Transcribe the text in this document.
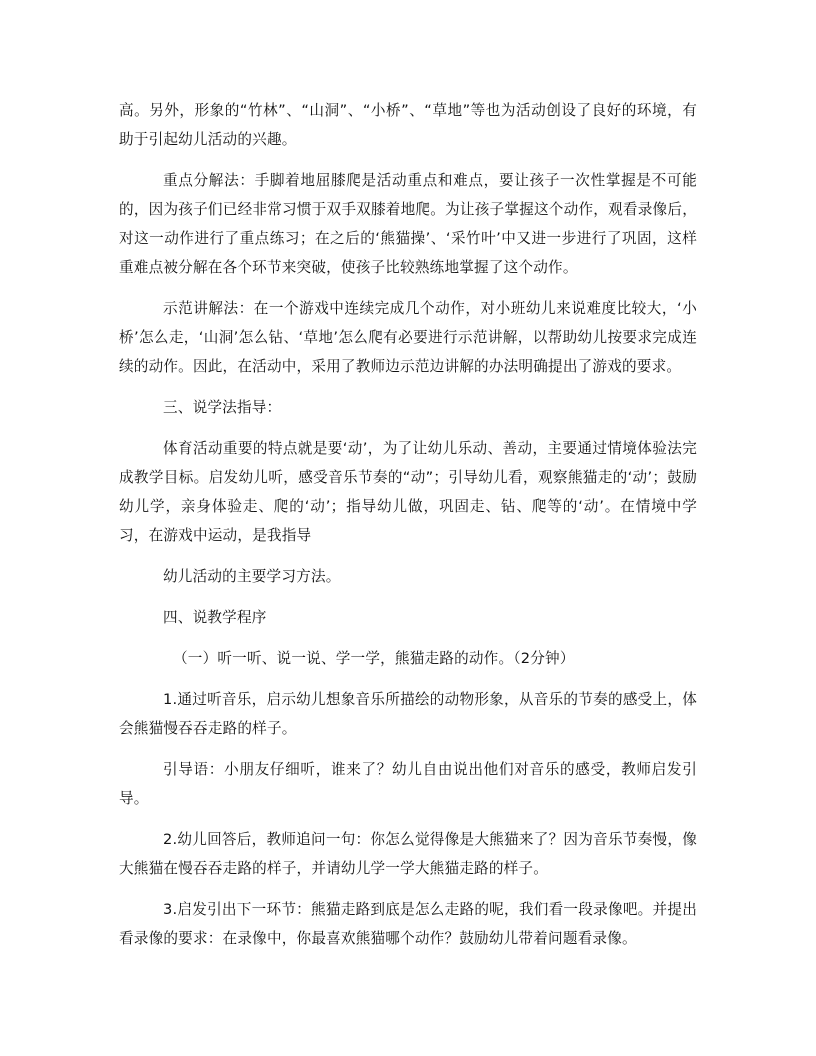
高。另外，形象的“竹林”、“山洞”、“小桥”、“草地”等也为活动创设了良好的环境，有助于引起幼儿活动的兴趣。

重点分解法：手脚着地屈膝爬是活动重点和难点，要让孩子一次性掌握是不可能的，因为孩子们已经非常习惯于双手双膝着地爬。为让孩子掌握这个动作，观看录像后，对这一动作进行了重点练习；在之后的‘熊猫操’、‘采竹叶’中又进一步进行了巩固，这样重难点被分解在各个环节来突破，使孩子比较熟练地掌握了这个动作。

示范讲解法：在一个游戏中连续完成几个动作，对小班幼儿来说难度比较大，‘小桥’怎么走，‘山洞’怎么钻、‘草地’怎么爬有必要进行示范讲解，以帮助幼儿按要求完成连续的动作。因此，在活动中，采用了教师边示范边讲解的办法明确提出了游戏的要求。

三、说学法指导：

体育活动重要的特点就是要‘动’，为了让幼儿乐动、善动，主要通过情境体验法完成教学目标。启发幼儿听，感受音乐节奏的“动”；引导幼儿看，观察熊猫走的‘动’；鼓励幼儿学，亲身体验走、爬的‘动’；指导幼儿做，巩固走、钻、爬等的‘动’。在情境中学习，在游戏中运动，是我指导

幼儿活动的主要学习方法。

四、说教学程序

（一）听一听、说一说、学一学，熊猫走路的动作。（2分钟）

1.通过听音乐，启示幼儿想象音乐所描绘的动物形象，从音乐的节奏的感受上，体会熊猫慢吞吞走路的样子。

引导语：小朋友仔细听，谁来了？幼儿自由说出他们对音乐的感受，教师启发引导。

2.幼儿回答后，教师追问一句：你怎么觉得像是大熊猫来了？因为音乐节奏慢，像大熊猫在慢吞吞走路的样子，并请幼儿学一学大熊猫走路的样子。

3.启发引出下一环节：熊猫走路到底是怎么走路的呢，我们看一段录像吧。并提出看录像的要求：在录像中，你最喜欢熊猫哪个动作？鼓励幼儿带着问题看录像。
